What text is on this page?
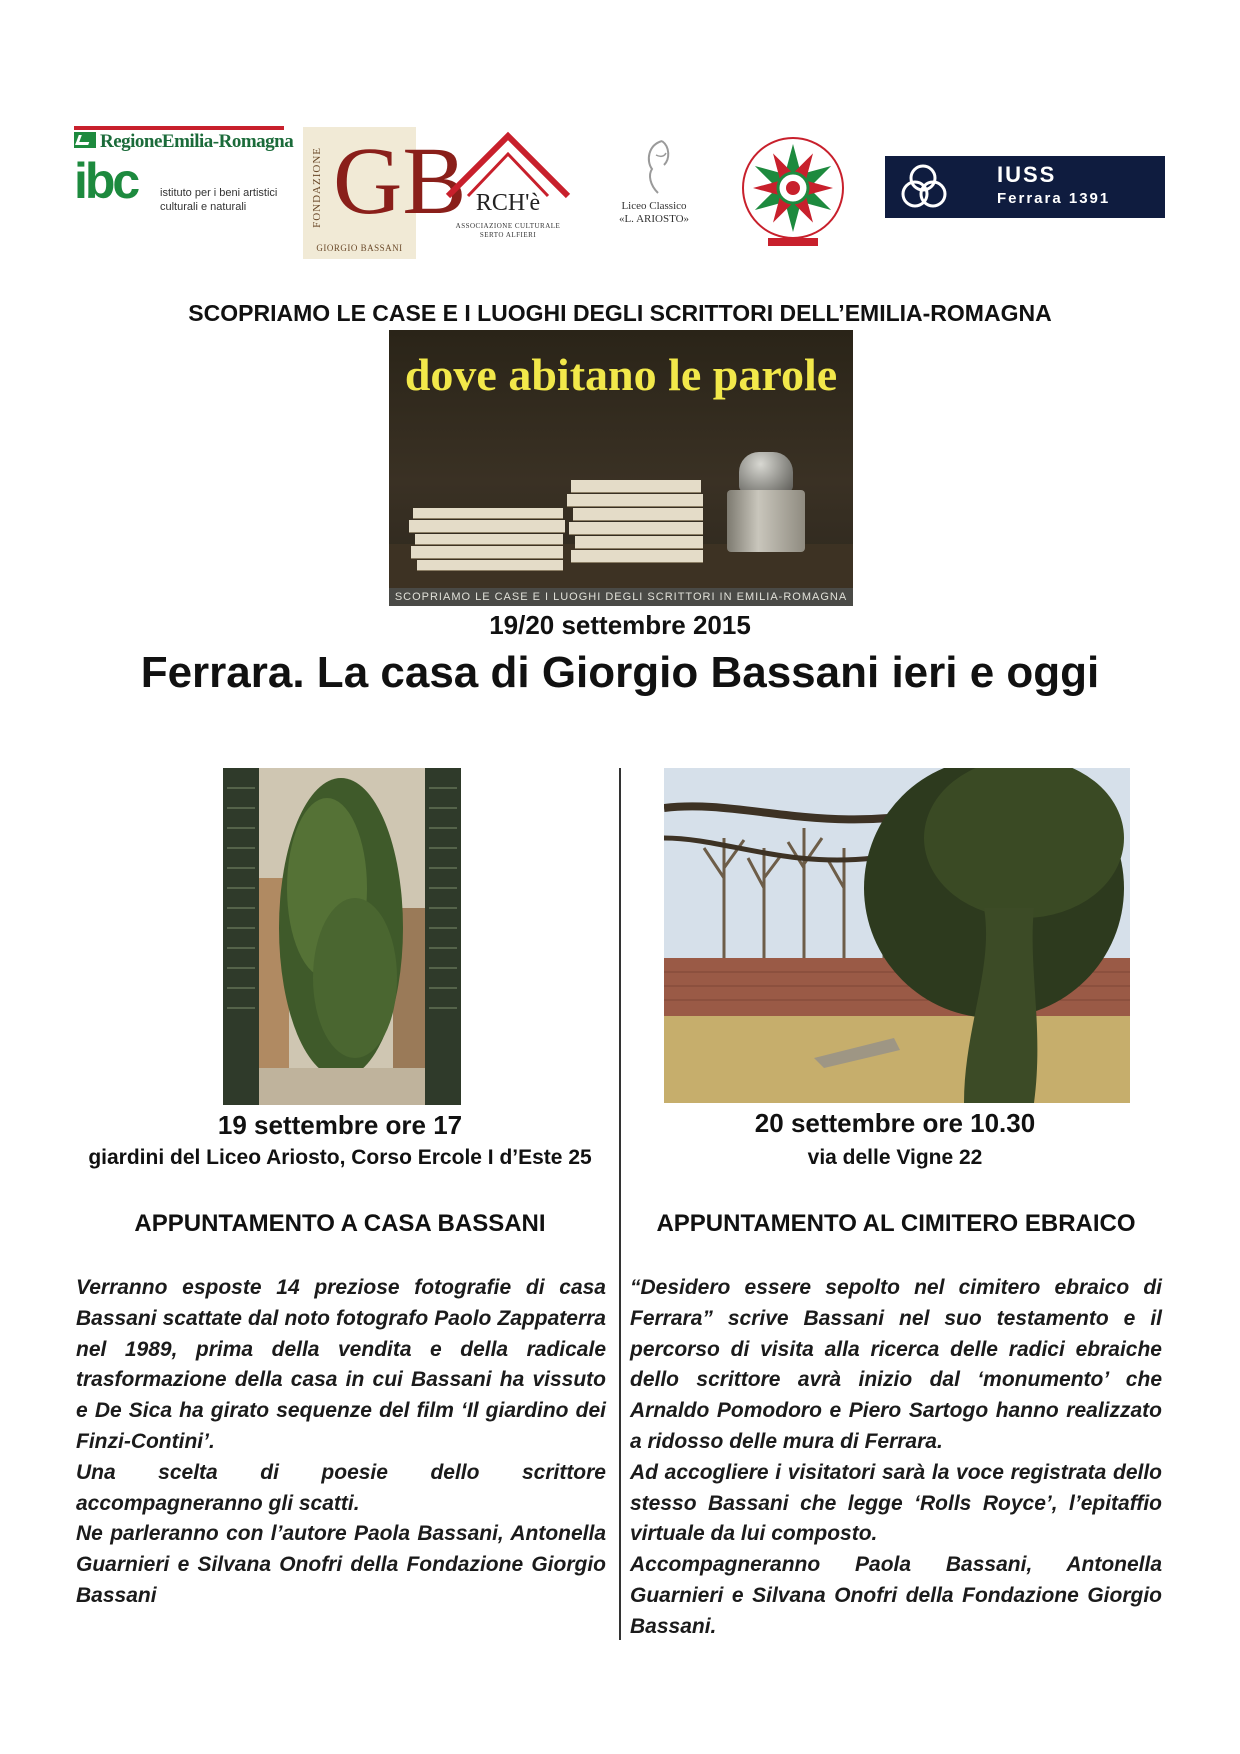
RegioneEmilia-Romagna
ibc istituto per i beni artistici
culturali e naturali	FONDAZIONE GB
GIORGIO BASSANI
RCH'è
ASSOCIAZIONE CULTURALE
SERTO ALFIERI
Liceo Classico
«L. ARIOSTO»
IUSS
Ferrara 1391
SCOPRIAMO LE CASE E I LUOGHI DEGLI SCRITTORI DELL’EMILIA-ROMAGNA
dove abitano le parole
SCOPRIAMO LE CASE E I LUOGHI DEGLI SCRITTORI IN EMILIA-ROMAGNA
19/20 settembre 2015
Ferrara. La casa di Giorgio Bassani ieri e oggi
19 settembre ore 17
giardini del Liceo Ariosto, Corso Ercole I d’Este 25
APPUNTAMENTO A CASA BASSANI

Verranno esposte 14 preziose fotografie di casa Bassani scattate dal noto fotografo Paolo Zappaterra nel 1989, prima della vendita e della radicale trasformazione della casa in cui Bassani ha vissuto e De Sica ha girato sequenze del film ‘Il giardino dei Finzi-Contini’.

Una scelta di poesie dello scrittore accompagneranno gli scatti.

Ne parleranno con l’autore Paola Bassani, Antonella Guarnieri e Silvana Onofri della Fondazione Giorgio Bassani

20 settembre ore 10.30
via delle Vigne 22
APPUNTAMENTO AL CIMITERO EBRAICO

“Desidero essere sepolto nel cimitero ebraico di Ferrara” scrive Bassani nel suo testamento e il percorso di visita alla ricerca delle radici ebraiche dello scrittore avrà inizio dal ‘monumento’ che Arnaldo Pomodoro e Piero Sartogo hanno realizzato a ridosso delle mura di Ferrara.

Ad accogliere i visitatori sarà la voce registrata dello stesso Bassani che legge ‘Rolls Royce’, l’epitaffio virtuale da lui composto.

Accompagneranno Paola Bassani, Antonella Guarnieri e Silvana Onofri della Fondazione Giorgio Bassani.
